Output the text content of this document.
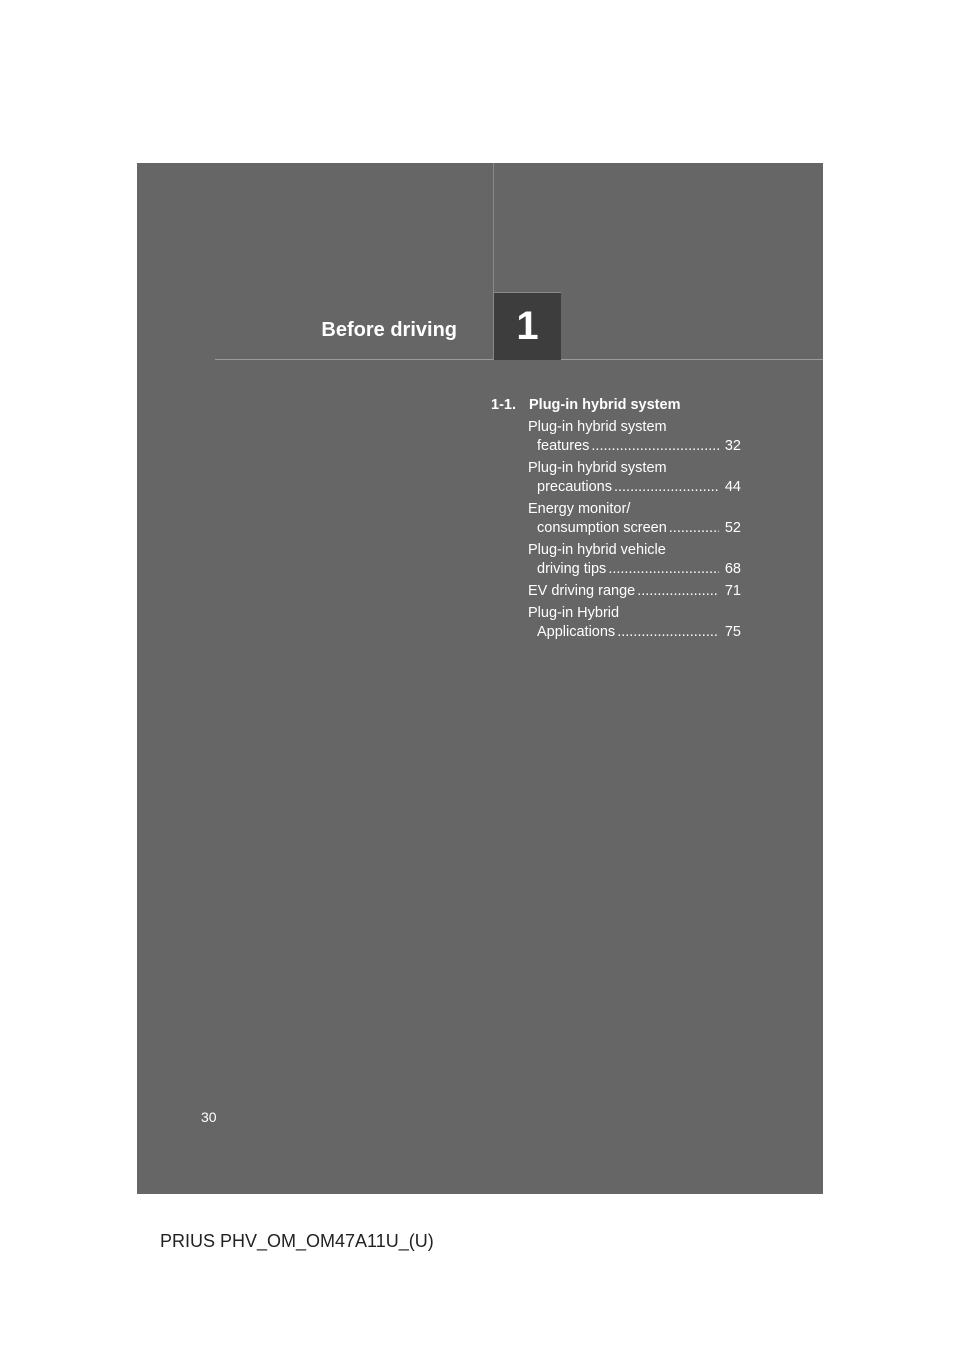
Before driving	1
1-1. Plug-in hybrid system
Plug-in hybrid system
features .....	32
Plug-in hybrid system
precautions .....	44
Energy monitor/
consumption screen .....	52
Plug-in hybrid vehicle
driving tips .....	68
EV driving range .....	71
Plug-in Hybrid
Applications .....	75
30
PRIUS PHV_OM_OM47A11U_(U)
